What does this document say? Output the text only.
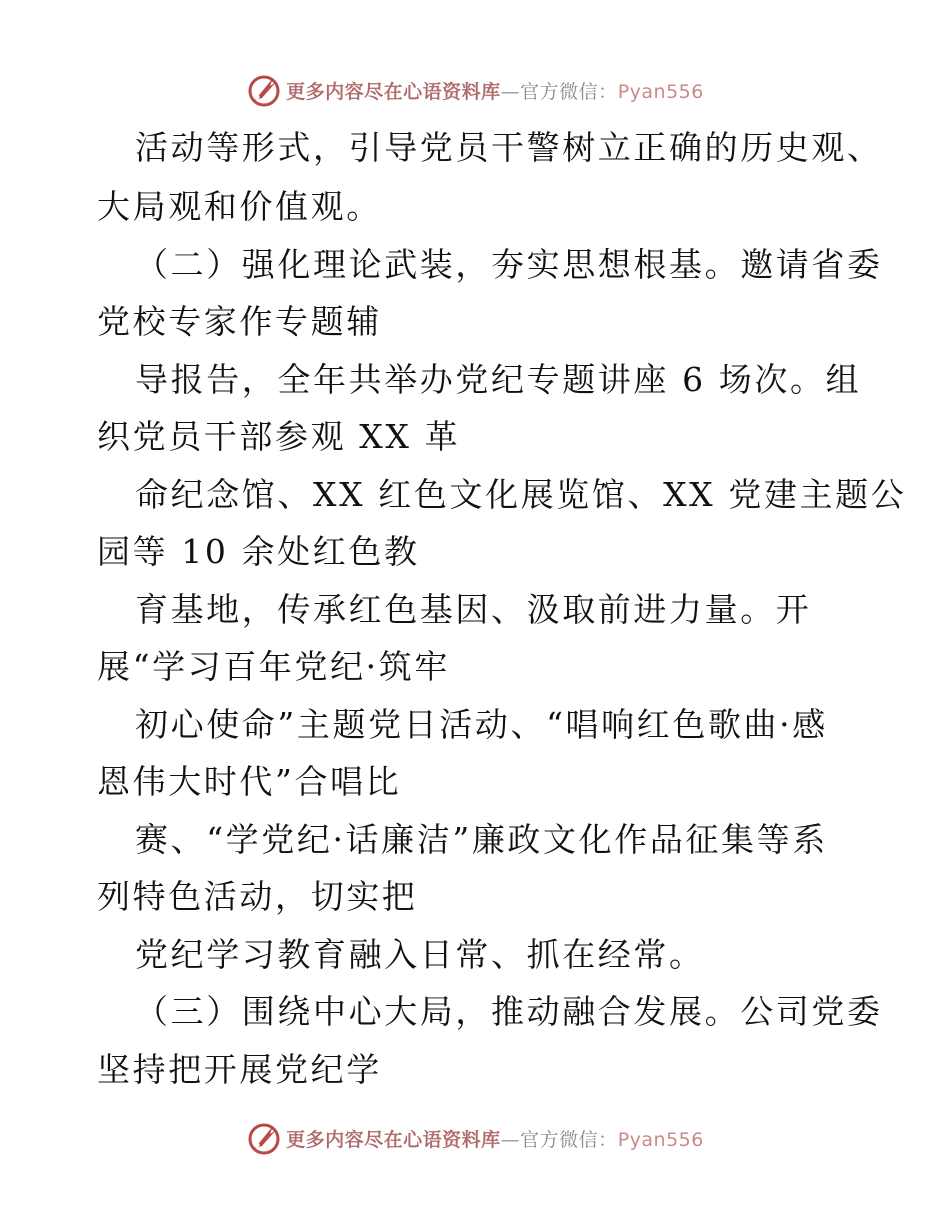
更多内容尽在心语资料库—官方微信：Pyan556
活动等形式，引导党员干警树立正确的历史观、
大局观和价值观。
（二）强化理论武装，夯实思想根基。邀请省委
党校专家作专题辅
导报告，全年共举办党纪专题讲座 6 场次。组
织党员干部参观 XX 革
命纪念馆、XX 红色文化展览馆、XX 党建主题公
园等 10 余处红色教
育基地，传承红色基因、汲取前进力量。开
展“学习百年党纪·筑牢
初心使命”主题党日活动、“唱响红色歌曲·感
恩伟大时代”合唱比
赛、“学党纪·话廉洁”廉政文化作品征集等系
列特色活动，切实把
党纪学习教育融入日常、抓在经常。
（三）围绕中心大局，推动融合发展。公司党委
坚持把开展党纪学
更多内容尽在心语资料库—官方微信：Pyan556
